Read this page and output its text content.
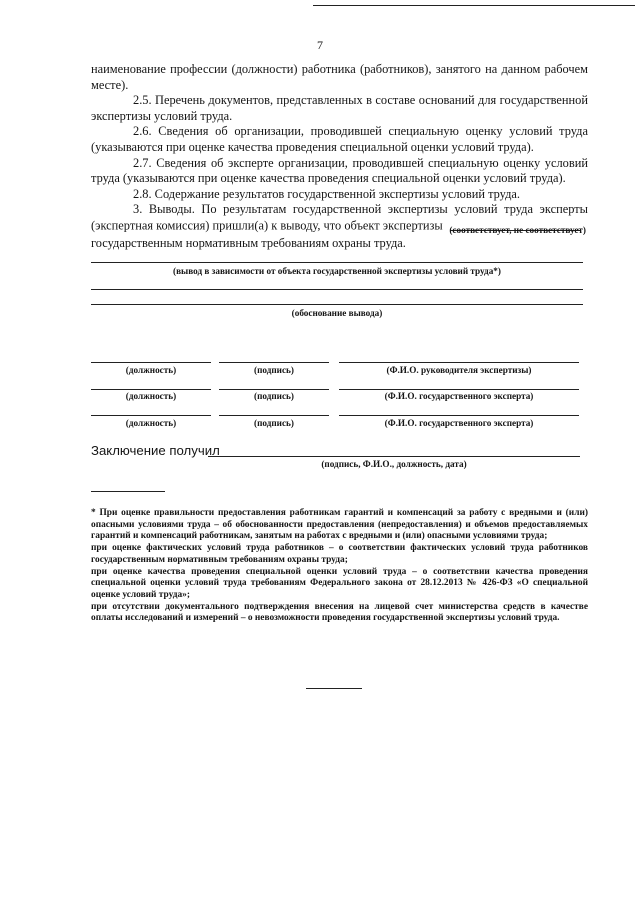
7

наименование профессии (должности) работника (работников), занятого на данном рабочем месте).

2.5. Перечень документов, представленных в составе оснований для государственной экспертизы условий труда.

2.6. Сведения об организации, проводившей специальную оценку условий труда (указываются при оценке качества проведения специальной оценки условий труда).

2.7. Сведения об эксперте организации, проводившей специальную оценку условий труда (указываются при оценке качества проведения специальной оценки условий труда).

2.8. Содержание результатов государственной экспертизы условий труда.

3. Выводы. По результатам государственной экспертизы условий труда эксперты (экспертная комиссия) пришли(а) к выводу, что объект экспертизы (соответствует, не соответствует)
государственным нормативным требованиям охраны труда.
(вывод в зависимости от объекта государственной экспертизы условий труда*)
(обоснование вывода)
(должность)	(подпись)	(Ф.И.О. руководителя экспертизы)
(должность)	(подпись)	(Ф.И.О. государственного эксперта)
(должность)	(подпись)	(Ф.И.О. государственного эксперта)
Заключение получил
(подпись, Ф.И.О., должность, дата)

* При оценке правильности предоставления работникам гарантий и компенсаций за работу с вредными и (или) опасными условиями труда – об обоснованности предоставления (непредоставления) и объемов предоставляемых гарантий и компенсаций работникам, занятым на работах с вредными и (или) опасными условиями труда;

при оценке фактических условий труда работников – о соответствии фактических условий труда работников государственным нормативным требованиям охраны труда;

при оценке качества проведения специальной оценки условий труда – о соответствии качества проведения специальной оценки условий труда требованиям Федерального закона от 28.12.2013 № 426-ФЗ «О специальной оценке условий труда»;

при отсутствии документального подтверждения внесения на лицевой счет министерства средств в качестве оплаты исследований и измерений – о невозможности проведения государственной экспертизы условий труда.
